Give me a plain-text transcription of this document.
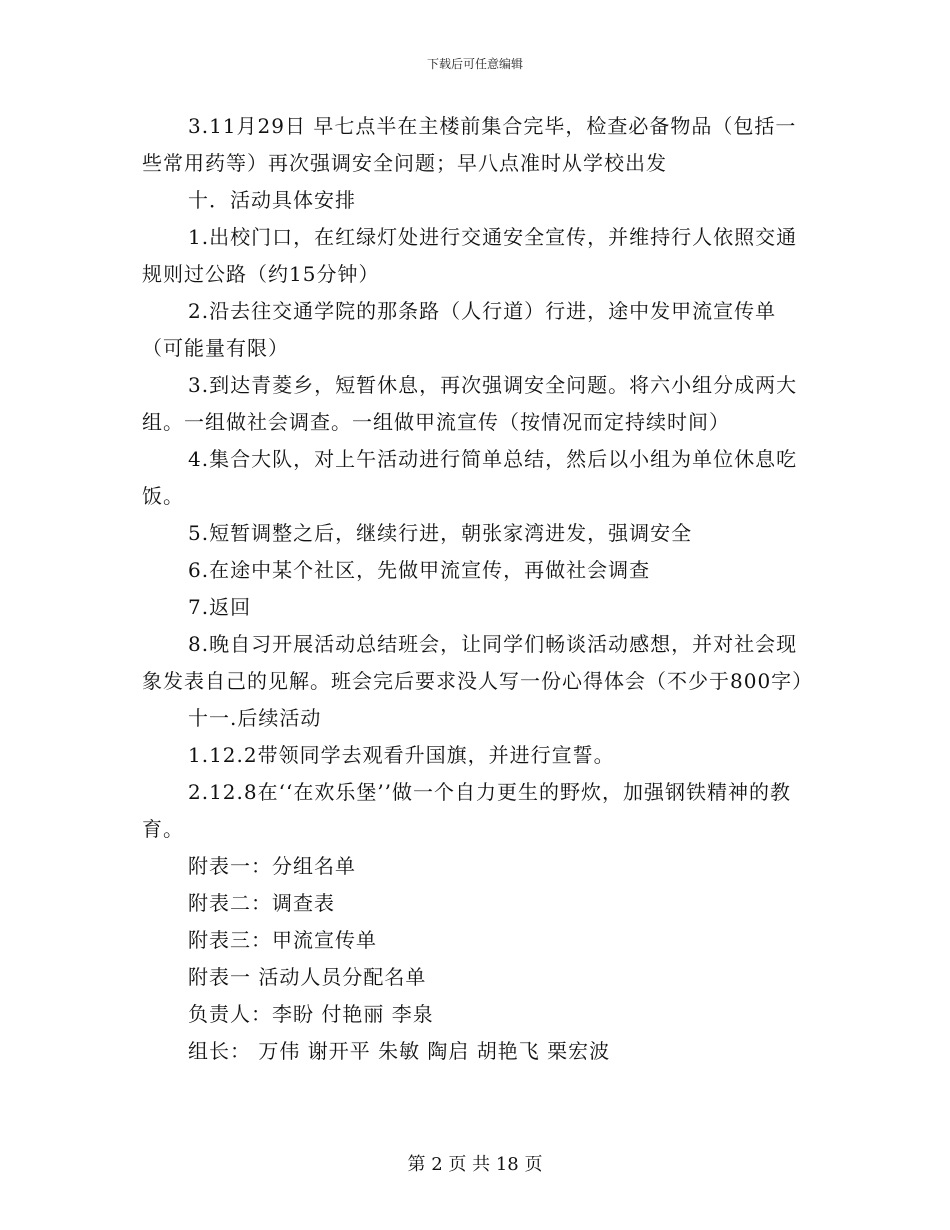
下载后可任意编辑

3.11月29日 早七点半在主楼前集合完毕，检查必备物品（包括一些常用药等）再次强调安全问题；早八点准时从学校出发

十．活动具体安排

1.出校门口，在红绿灯处进行交通安全宣传，并维持行人依照交通规则过公路（约15分钟）

2.沿去往交通学院的那条路（人行道）行进，途中发甲流宣传单（可能量有限）

3.到达青菱乡，短暂休息，再次强调安全问题。将六小组分成两大组。一组做社会调查。一组做甲流宣传（按情况而定持续时间）

4.集合大队，对上午活动进行简单总结，然后以小组为单位休息吃饭。

5.短暂调整之后，继续行进，朝张家湾进发，强调安全

6.在途中某个社区，先做甲流宣传，再做社会调查

7.返回

8.晚自习开展活动总结班会，让同学们畅谈活动感想，并对社会现象发表自己的见解。班会完后要求没人写一份心得体会（不少于800字）

十一.后续活动

1.12.2带领同学去观看升国旗，并进行宣誓。

2.12.8在‘‘在欢乐堡’’做一个自力更生的野炊，加强钢铁精神的教育。

附表一：分组名单

附表二：调查表

附表三：甲流宣传单

附表一 活动人员分配名单

负责人：李盼 付艳丽 李泉

组长： 万伟 谢开平 朱敏 陶启 胡艳飞 栗宏波

第 2 页 共 18 页
